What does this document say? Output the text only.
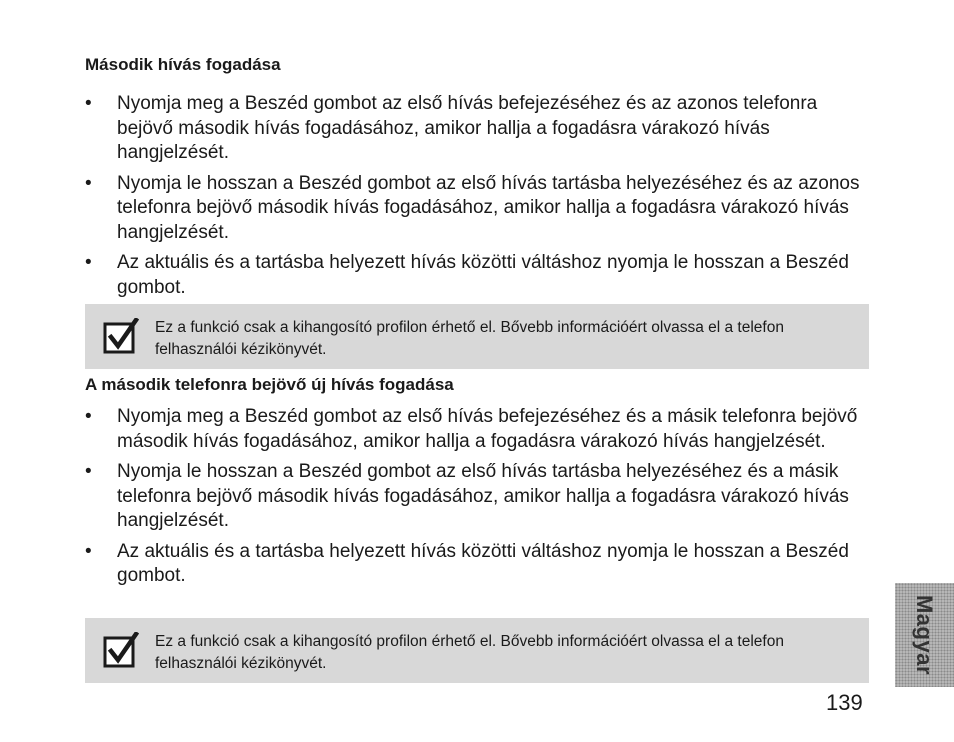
Második hívás fogadása
• Nyomja meg a Beszéd gombot az első hívás befejezéséhez és az azonos telefonra bejövő második hívás fogadásához, amikor hallja a fogadásra várakozó hívás hangjelzését.
• Nyomja le hosszan a Beszéd gombot az első hívás tartásba helyezéséhez és az azonos telefonra bejövő második hívás fogadásához, amikor hallja a fogadásra várakozó hívás hangjelzését.
• Az aktuális és a tartásba helyezett hívás közötti váltáshoz nyomja le hosszan a Beszéd gombot.
Ez a funkció csak a kihangosító profilon érhető el. Bővebb információért olvassa el a telefon felhasználói kézikönyvét.
A második telefonra bejövő új hívás fogadása
• Nyomja meg a Beszéd gombot az első hívás befejezéséhez és a másik telefonra bejövő második hívás fogadásához, amikor hallja a fogadásra várakozó hívás hangjelzését.
• Nyomja le hosszan a Beszéd gombot az első hívás tartásba helyezéséhez és a másik telefonra bejövő második hívás fogadásához, amikor hallja a fogadásra várakozó hívás hangjelzését.
• Az aktuális és a tartásba helyezett hívás közötti váltáshoz nyomja le hosszan a Beszéd gombot.
Ez a funkció csak a kihangosító profilon érhető el. Bővebb információért olvassa el a telefon felhasználói kézikönyvét.	Magyar
139
